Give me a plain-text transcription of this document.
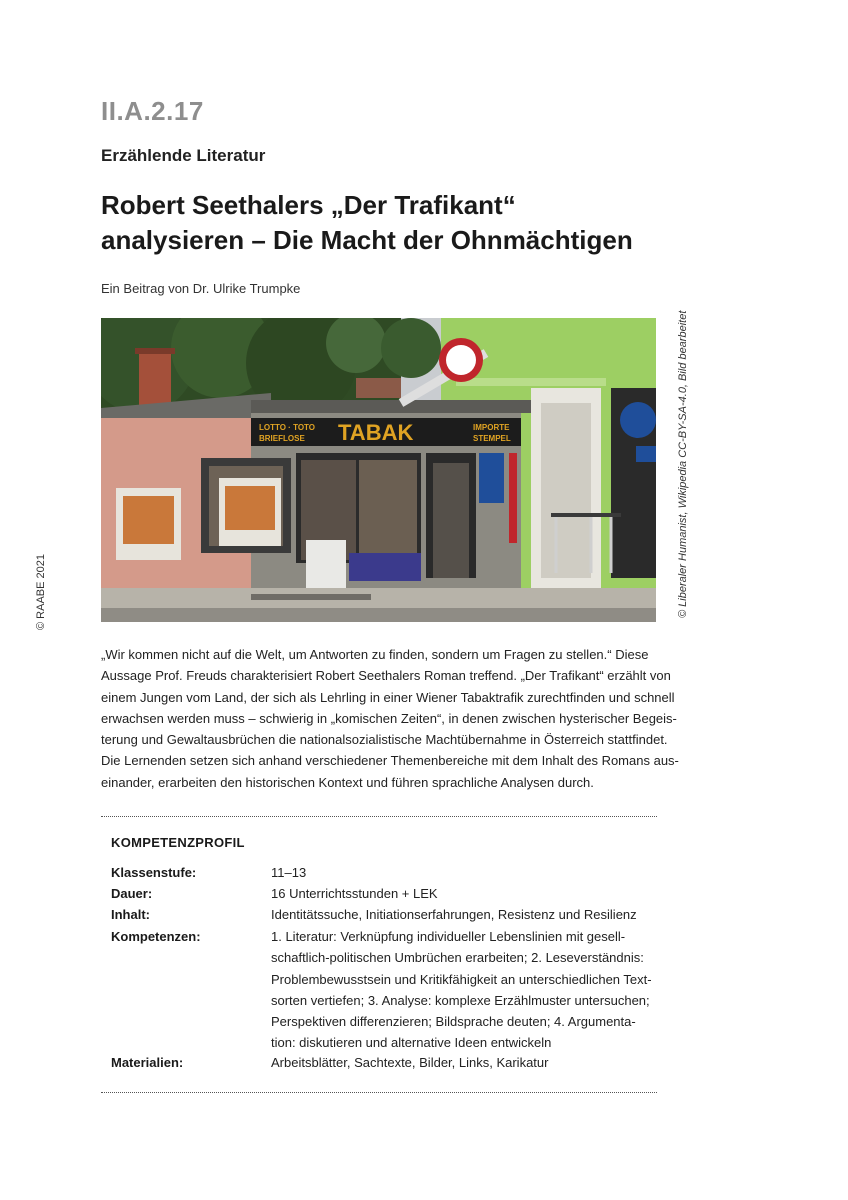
II.A.2.17
Erzählende Literatur
Robert Seethalers „Der Trafikant“
analysieren – Die Macht der Ohnmächtigen
Ein Beitrag von Dr. Ulrike Trumpke
© RAABE 2021
TABAK
LOTTO · TOTO
BRIEFLOSE
IMPORTE
STEMPEL	© Liberaler Humanist, Wikipedia CC-BY-SA-4.0, Bild bearbeitet
„Wir kommen nicht auf die Welt, um Antworten zu finden, sondern um Fragen zu stellen.“ Diese
Aussage Prof. Freuds charakterisiert Robert Seethalers Roman treffend. „Der Trafikant“ erzählt von
einem Jungen vom Land, der sich als Lehrling in einer Wiener Tabaktrafik zurechtfinden und schnell
erwachsen werden muss – schwierig in „komischen Zeiten“, in denen zwischen hysterischer Begeis-
terung und Gewaltausbrüchen die nationalsozialistische Machtübernahme in Österreich stattfindet.
Die Lernenden setzen sich anhand verschiedener Themenbereiche mit dem Inhalt des Romans aus-
einander, erarbeiten den historischen Kontext und führen sprachliche Analysen durch.
KOMPETENZPROFIL
Klassenstufe:	11–13
Dauer:	16 Unterrichtsstunden + LEK
Inhalt:	Identitätssuche, Initiationserfahrungen, Resistenz und Resilienz
Kompetenzen:	1. Literatur: Verknüpfung individueller Lebenslinien mit gesell-
schaftlich-politischen Umbrüchen erarbeiten; 2. Leseverständnis:
Problembewusstsein und Kritikfähigkeit an unterschiedlichen Text-
sorten vertiefen; 3. Analyse: komplexe Erzählmuster untersuchen;
Perspektiven differenzieren; Bildsprache deuten; 4. Argumenta-
tion: diskutieren und alternative Ideen entwickeln
Materialien:	Arbeitsblätter, Sachtexte, Bilder, Links, Karikatur
